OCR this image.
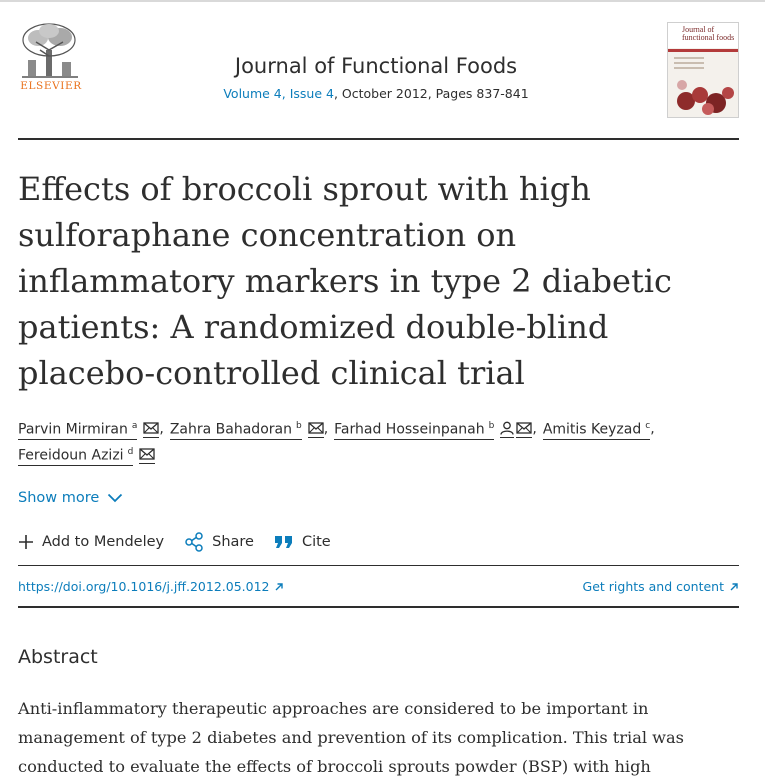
ELSEVIER
Journal of Functional Foods
Volume 4, Issue 4, October 2012, Pages 837-841
Journal of functional foods
Effects of broccoli sprout with high sulforaphane concentration on inflammatory markers in type 2 diabetic patients: A randomized double-blind placebo-controlled clinical trial
Parvin Mirmiran $^a$ , Zahra Bahadoran $^b$ , Farhad Hosseinpanah $^b$	, Amitis Keyzad $^c$ ,
Fereidoun Azizi $^d$
Show more
Add to Mendeley	Share	Cite
https://doi.org/10.1016/j.jff.2012.05.012	Get rights and content
Abstract

Anti-inflammatory therapeutic approaches are considered to be important in management of type 2 diabetes and prevention of its complication. This trial was conducted to evaluate the effects of broccoli sprouts powder (BSP) with high
